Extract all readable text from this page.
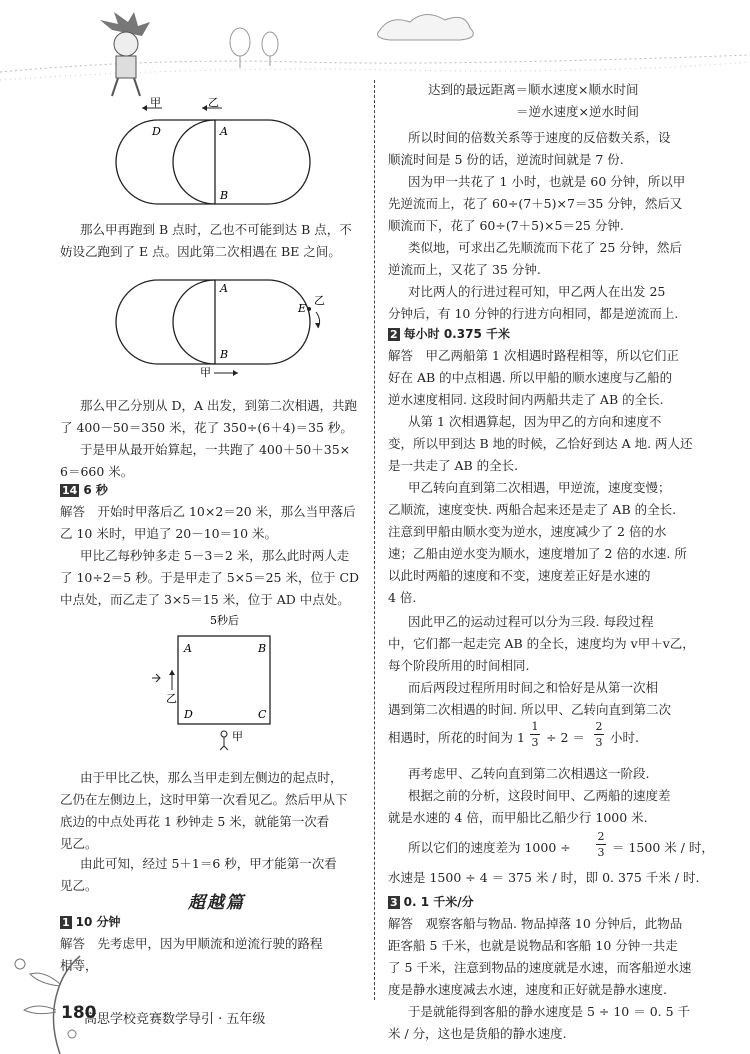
甲	乙
D	A
B
那么甲再跑到 B 点时，乙也不可能到达 B 点，不
妨设乙跑到了 E 点。因此第二次相遇在 BE 之间。
A
B
E
乙
甲
那么甲乙分别从 D，A 出发，到第二次相遇，共跑
了 400－50＝350 米，花了 350÷(6＋4)＝35 秒。
于是甲从最开始算起，一共跑了 400＋50＋35×
6＝660 米。
14 6 秒
解答　开始时甲落后乙 10×2＝20 米，那么当甲落后
乙 10 米时，甲追了 20－10＝10 米。
甲比乙每秒钟多走 5－3＝2 米，那么此时两人走
了 10÷2＝5 秒。于是甲走了 5×5＝25 米，位于 CD
中点处，而乙走了 3×5＝15 米，位于 AD 中点处。
5秒后
A	B
D	C
乙
甲
由于甲比乙快，那么当甲走到左侧边的起点时，
乙仍在左侧边上，这时甲第一次看见乙。然后甲从下
底边的中点处再花 1 秒钟走 5 米，就能第一次看
见乙。
由此可知，经过 5＋1＝6 秒，甲才能第一次看
见乙。
超越篇
1 10 分钟
解答　先考虑甲，因为甲顺流和逆流行驶的路程
相等，
180
高思学校竞赛数学导引 · 五年级
达到的最远距离＝顺水速度×顺水时间
＝逆水速度×逆水时间
所以时间的倍数关系等于速度的反倍数关系，设
顺流时间是 5 份的话，逆流时间就是 7 份.
因为甲一共花了 1 小时，也就是 60 分钟，所以甲
先逆流而上，花了 60÷(7＋5)×7＝35 分钟，然后又
顺流而下，花了 60÷(7＋5)×5＝25 分钟.
类似地，可求出乙先顺流而下花了 25 分钟，然后
逆流而上，又花了 35 分钟.
对比两人的行进过程可知，甲乙两人在出发 25
分钟后，有 10 分钟的行进方向相同，都是逆流而上.
2 每小时 0.375 千米
解答　甲乙两船第 1 次相遇时路程相等，所以它们正
好在 AB 的中点相遇. 所以甲船的顺水速度与乙船的
逆水速度相同. 这段时间内两船共走了 AB 的全长.
从第 1 次相遇算起，因为甲乙的方向和速度不
变，所以甲到达 B 地的时候，乙恰好到达 A 地. 两人还
是一共走了 AB 的全长.
甲乙转向直到第二次相遇，甲逆流，速度变慢；
乙顺流，速度变快. 两船合起来还是走了 AB 的全长.
注意到甲船由顺水变为逆水，速度减少了 2 倍的水
速；乙船由逆水变为顺水，速度增加了 2 倍的水速. 所
以此时两船的速度和不变，速度差正好是水速的
4 倍.
因此甲乙的运动过程可以分为三段. 每段过程
中，它们都一起走完 AB 的全长，速度均为 v甲＋v乙，
每个阶段所用的时间相同.
而后两段过程所用时间之和恰好是从第一次相
遇到第二次相遇的时间. 所以甲、乙转向直到第二次
相遇时，所花的时间为 1
1
3 ÷ 2 ＝
2
3 小时.
再考虑甲、乙转向直到第二次相遇这一阶段.
根据之前的分析，这段时间甲、乙两船的速度差
就是水速的 4 倍，而甲船比乙船少行 1000 米.
所以它们的速度差为 1000 ÷
2
3 ＝ 1500 米 / 时，
水速是 1500 ÷ 4 ＝ 375 米 / 时，即 0. 375 千米 / 时.
3 0. 1 千米/分
解答　观察客船与物品. 物品掉落 10 分钟后，此物品
距客船 5 千米，也就是说物品和客船 10 分钟一共走
了 5 千米，注意到物品的速度就是水速，而客船逆水速
度是静水速度减去水速，速度和正好就是静水速度.
于是就能得到客船的静水速度是 5 ÷ 10 ＝ 0. 5 千
米 / 分，这也是货船的静水速度.
